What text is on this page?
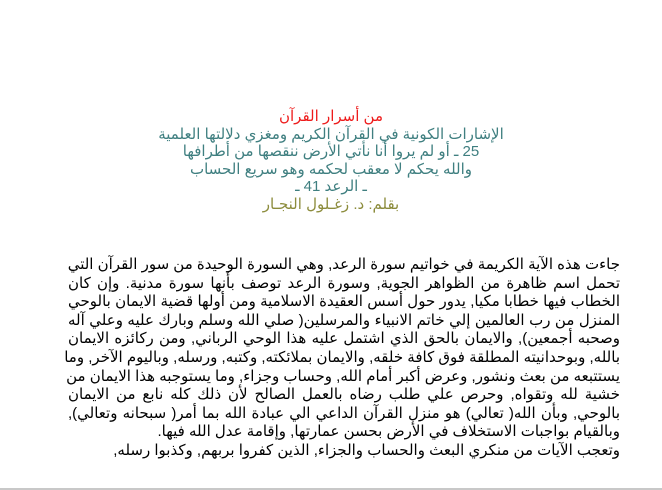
من أسرار القرآن
الإشارات الكونية في القرآن الكريم ومغزي دلالتها العلمية
25 ـ أو لم يروا أنا نأتي الأرض ننقصها من أطرافها
والله يحكم لا معقب لحكمه وهو سريع الحساب
ـ الرعد 41 ـ
بقلم: د. زغـلول النجـار
جاءت هذه الآية الكريمة في خواتيم سورة الرعد, وهي السورة الوحيدة من سور القرآن التي
تحمل اسم ظاهرة من الظواهر الجوية, وسورة الرعد توصف بأنها سورة مدنية. وإن كان
الخطاب فيها خطابا مكيا, يدور حول أسس العقيدة الاسلامية ومن أولها قضية الايمان بالوحي
المنزل من رب العالمين إلي خاتم الانبياء والمرسلين( صلي الله وسلم وبارك عليه وعلي آله
وصحبه أجمعين), والايمان بالحق الذي اشتمل عليه هذا الوحي الرباني, ومن ركائزه الايمان
بالله, وبوحدانيته المطلقة فوق كافة خلقه, والايمان بملائكته, وكتبه, ورسله, وباليوم الآخر, وما
يستتبعه من بعث ونشور, وعرض أكبر أمام الله, وحساب وجزاء, وما يستوجبه هذا الايمان من
خشية لله وتقواه, وحرص علي طلب رضاه بالعمل الصالح لأن ذلك كله نابع من الايمان
بالوحي, وبأن الله( تعالي) هو منزل القرآن الداعي الي عبادة الله بما أمر( سبحانه وتعالي),
وبالقيام بواجبات الاستخلاف في الأرض بحسن عمارتها, وإقامة عدل الله فيها.
وتعجب الآيات من منكري البعث والحساب والجزاء, الذين كفروا بربهم, وكذبوا رسله,
